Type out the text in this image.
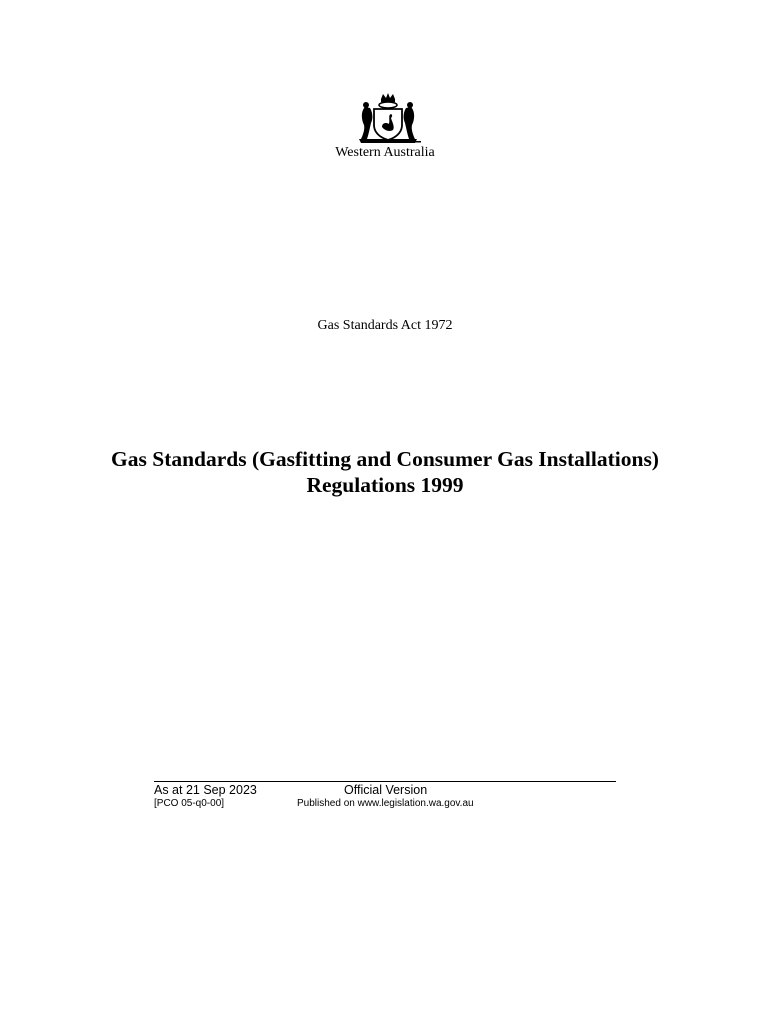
Western Australia
Gas Standards Act 1972
Gas Standards (Gasfitting and Consumer Gas Installations) Regulations 1999
As at 21 Sep 2023	Official Version
[PCO 05-q0-00]	Published on www.legislation.wa.gov.au
